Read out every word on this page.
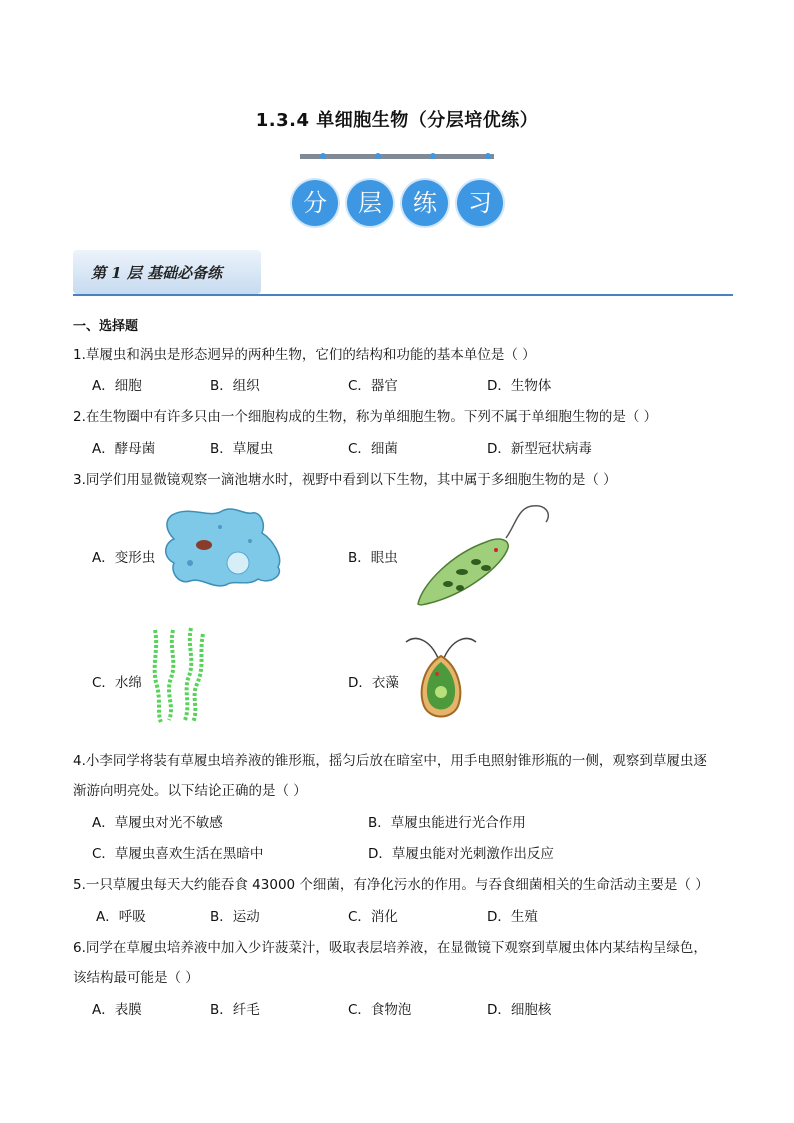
1.3.4 单细胞生物（分层培优练）
分	层	练	习
第 1 层 基础必备练
一、选择题
1.草履虫和涡虫是形态迥异的两种生物，它们的结构和功能的基本单位是（ ）
A．细胞	B．组织	C．器官	D．生物体
2.在生物圈中有许多只由一个细胞构成的生物，称为单细胞生物。下列不属于单细胞生物的是（ ）
A．酵母菌	B．草履虫	C．细菌	D．新型冠状病毒
3.同学们用显微镜观察一滴池塘水时，视野中看到以下生物，其中属于多细胞生物的是（ ）
A．变形虫	B．眼虫
C．水绵	D．衣藻
4.小李同学将装有草履虫培养液的锥形瓶，摇匀后放在暗室中，用手电照射锥形瓶的一侧，观察到草履虫逐
渐游向明亮处。以下结论正确的是（ ）
A．草履虫对光不敏感	B．草履虫能进行光合作用
C．草履虫喜欢生活在黑暗中	D．草履虫能对光刺激作出反应
5.一只草履虫每天大约能吞食 43000 个细菌，有净化污水的作用。与吞食细菌相关的生命活动主要是（ ）
A．呼吸	B．运动	C．消化	D．生殖
6.同学在草履虫培养液中加入少许菠菜汁，吸取表层培养液，在显微镜下观察到草履虫体内某结构呈绿色，
该结构最可能是（ ）
A．表膜	B．纤毛	C．食物泡	D．细胞核
